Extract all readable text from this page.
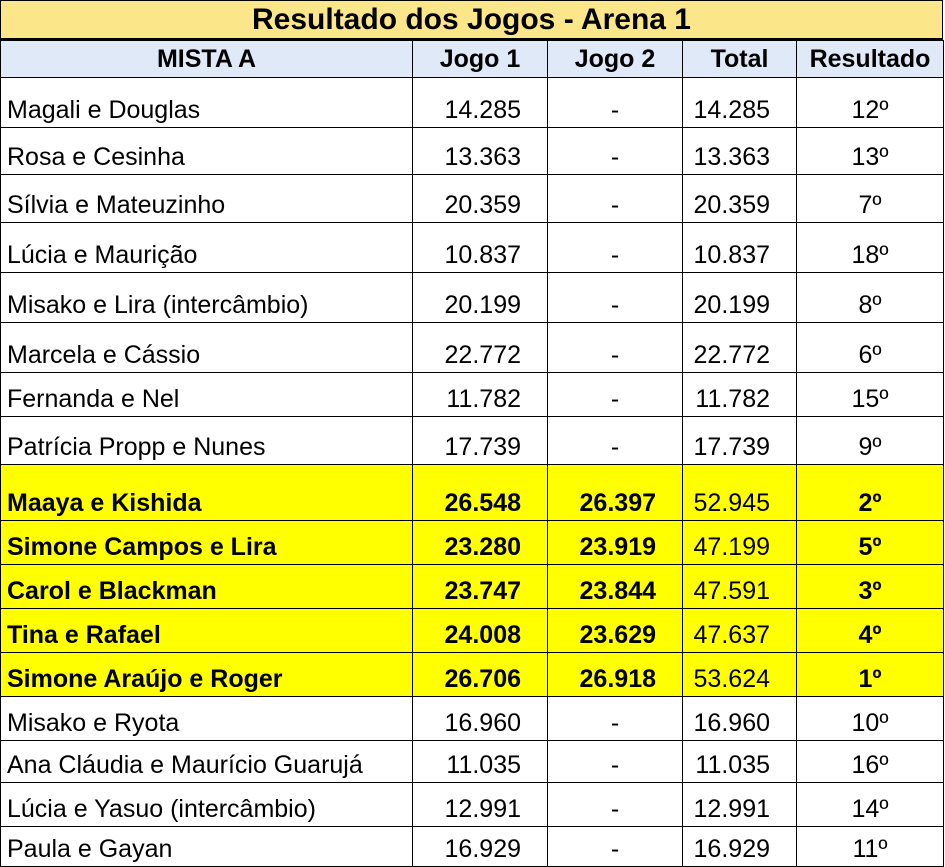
Resultado dos Jogos - Arena 1
MISTA A	Jogo 1	Jogo 2	Total	Resultado
Magali e Douglas	14.285	-	14.285	12º
Rosa e Cesinha	13.363	-	13.363	13º
Sílvia e Mateuzinho	20.359	-	20.359	7º
Lúcia e Maurição	10.837	-	10.837	18º
Misako e Lira (intercâmbio)	20.199	-	20.199	8º
Marcela e Cássio	22.772	-	22.772	6º
Fernanda e Nel	11.782	-	11.782	15º
Patrícia Propp e Nunes	17.739	-	17.739	9º
Maaya e Kishida	26.548	26.397	52.945	2º
Simone Campos e Lira	23.280	23.919	47.199	5º
Carol e Blackman	23.747	23.844	47.591	3º
Tina e Rafael	24.008	23.629	47.637	4º
Simone Araújo e Roger	26.706	26.918	53.624	1º
Misako e Ryota	16.960	-	16.960	10º
Ana Cláudia e Maurício Guarujá	11.035	-	11.035	16º
Lúcia e Yasuo (intercâmbio)	12.991	-	12.991	14º
Paula e Gayan	16.929	-	16.929	11º
